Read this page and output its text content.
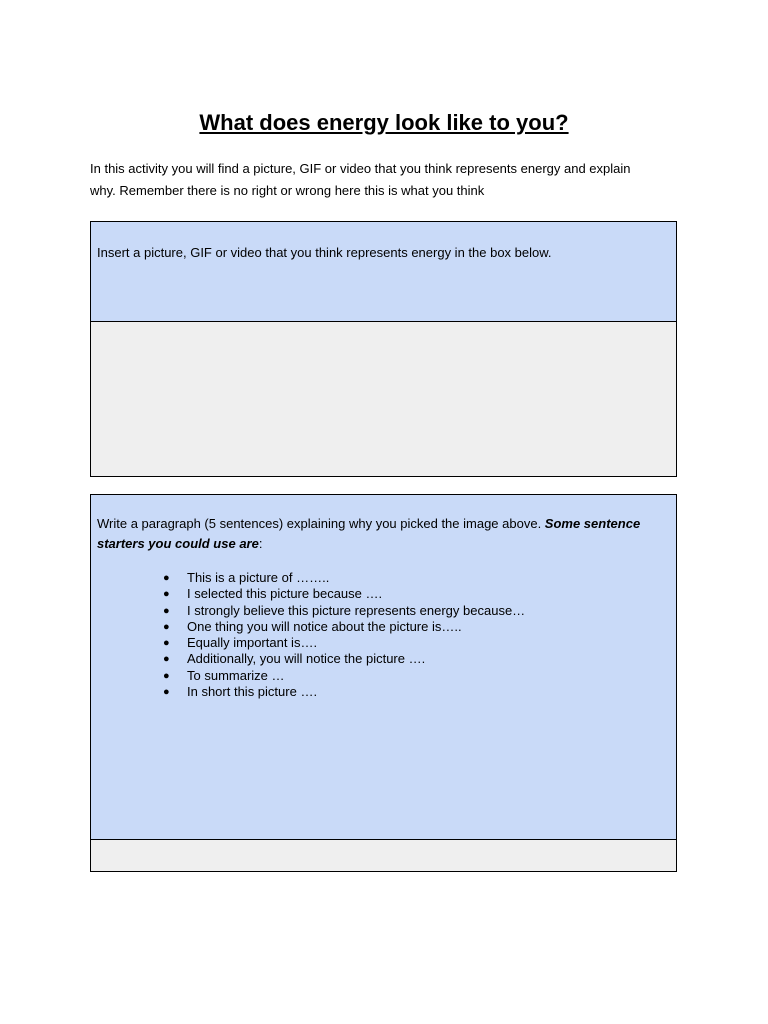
What does energy look like to you?

In this activity you will find a picture, GIF or video that you think represents energy and explain

why. Remember there is no right or wrong here this is what you think

Insert a picture, GIF or video that you think represents energy in the box below.

Write a paragraph (5 sentences) explaining why you picked the image above. Some sentence starters you could use are:

● This is a picture of ……..
● I selected this picture because ….
● I strongly believe this picture represents energy because…
● One thing you will notice about the picture is…..
● Equally important is….
● Additionally, you will notice the picture ….
● To summarize …
● In short this picture ….
